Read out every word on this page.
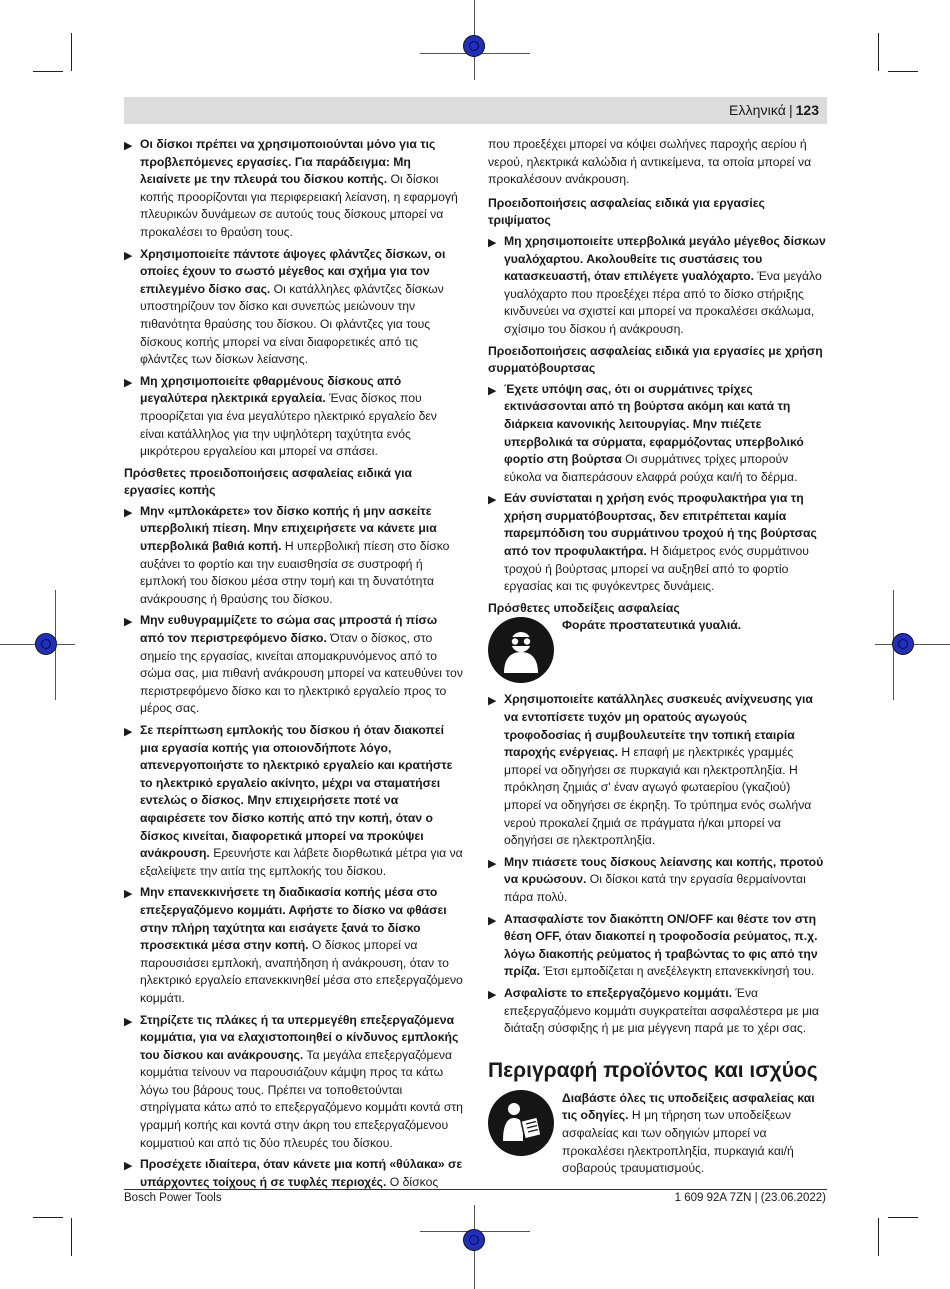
Ελληνικά | 123
▶ Οι δίσκοι πρέπει να χρησιμοποιούνται μόνο για τις προβλεπόμενες εργασίες. Για παράδειγμα: Μη λειαίνετε με την πλευρά του δίσκου κοπής. Οι δίσκοι κοπής προορίζονται για περιφερειακή λείανση, η εφαρμογή πλευρικών δυνάμεων σε αυτούς τους δίσκους μπορεί να προκαλέσει το θραύση τους.
▶ Χρησιμοποιείτε πάντοτε άψογες φλάντζες δίσκων, οι οποίες έχουν το σωστό μέγεθος και σχήμα για τον επιλεγμένο δίσκο σας. Οι κατάλληλες φλάντζες δίσκων υποστηρίζουν τον δίσκο και συνεπώς μειώνουν την πιθανότητα θραύσης του δίσκου. Οι φλάντζες για τους δίσκους κοπής μπορεί να είναι διαφορετικές από τις φλάντζες των δίσκων λείανσης.
▶ Μη χρησιμοποιείτε φθαρμένους δίσκους από μεγαλύτερα ηλεκτρικά εργαλεία. Ένας δίσκος που προορίζεται για ένα μεγαλύτερο ηλεκτρικό εργαλείο δεν είναι κατάλληλος για την υψηλότερη ταχύτητα ενός μικρότερου εργαλείου και μπορεί να σπάσει.
Πρόσθετες προειδοποιήσεις ασφαλείας ειδικά για εργασίες κοπής
▶ Μην «μπλοκάρετε» τον δίσκο κοπής ή μην ασκείτε υπερβολική πίεση. Μην επιχειρήσετε να κάνετε μια υπερβολικά βαθιά κοπή. Η υπερβολική πίεση στο δίσκο αυξάνει το φορτίο και την ευαισθησία σε συστροφή ή εμπλοκή του δίσκου μέσα στην τομή και τη δυνατότητα ανάκρουσης ή θραύσης του δίσκου.
▶ Μην ευθυγραμμίζετε το σώμα σας μπροστά ή πίσω από τον περιστρεφόμενο δίσκο. Όταν ο δίσκος, στο σημείο της εργασίας, κινείται απομακρυνόμενος από το σώμα σας, μια πιθανή ανάκρουση μπορεί να κατευθύνει τον περιστρεφόμενο δίσκο και το ηλεκτρικό εργαλείο προς το μέρος σας.
▶ Σε περίπτωση εμπλοκής του δίσκου ή όταν διακοπεί μια εργασία κοπής για οποιονδήποτε λόγο, απενεργοποιήστε το ηλεκτρικό εργαλείο και κρατήστε το ηλεκτρικό εργαλείο ακίνητο, μέχρι να σταματήσει εντελώς ο δίσκος. Μην επιχειρήσετε ποτέ να αφαιρέσετε τον δίσκο κοπής από την κοπή, όταν ο δίσκος κινείται, διαφορετικά μπορεί να προκύψει ανάκρουση. Ερευνήστε και λάβετε διορθωτικά μέτρα για να εξαλείψετε την αιτία της εμπλοκής του δίσκου.
▶ Μην επανεκκινήσετε τη διαδικασία κοπής μέσα στο επεξεργαζόμενο κομμάτι. Αφήστε το δίσκο να φθάσει στην πλήρη ταχύτητα και εισάγετε ξανά το δίσκο προσεκτικά μέσα στην κοπή. Ο δίσκος μπορεί να παρουσιάσει εμπλοκή, αναπήδηση ή ανάκρουση, όταν το ηλεκτρικό εργαλείο επανεκκινηθεί μέσα στο επεξεργαζόμενο κομμάτι.
▶ Στηρίζετε τις πλάκες ή τα υπερμεγέθη επεξεργαζόμενα κομμάτια, για να ελαχιστοποιηθεί ο κίνδυνος εμπλοκής του δίσκου και ανάκρουσης. Τα μεγάλα επεξεργαζόμενα κομμάτια τείνουν να παρουσιάζουν κάμψη προς τα κάτω λόγω του βάρους τους. Πρέπει να τοποθετούνται στηρίγματα κάτω από το επεξεργαζόμενο κομμάτι κοντά στη γραμμή κοπής και κοντά στην άκρη του επεξεργαζόμενου κομματιού και από τις δύο πλευρές του δίσκου.
▶ Προσέχετε ιδιαίτερα, όταν κάνετε μια κοπή «θύλακα» σε υπάρχοντες τοίχους ή σε τυφλές περιοχές. Ο δίσκος
που προεξέχει μπορεί να κόψει σωλήνες παροχής αερίου ή νερού, ηλεκτρικά καλώδια ή αντικείμενα, τα οποία μπορεί να προκαλέσουν ανάκρουση.
Προειδοποιήσεις ασφαλείας ειδικά για εργασίες τριψίματος
▶ Μη χρησιμοποιείτε υπερβολικά μεγάλο μέγεθος δίσκων γυαλόχαρτου. Ακολουθείτε τις συστάσεις του κατασκευαστή, όταν επιλέγετε γυαλόχαρτο. Ένα μεγάλο γυαλόχαρτο που προεξέχει πέρα από το δίσκο στήριξης κινδυνεύει να σχιστεί και μπορεί να προκαλέσει σκάλωμα, σχίσιμο του δίσκου ή ανάκρουση.
Προειδοποιήσεις ασφαλείας ειδικά για εργασίες με χρήση συρματόβουρτσας
▶ Έχετε υπόψη σας, ότι οι συρμάτινες τρίχες εκτινάσσονται από τη βούρτσα ακόμη και κατά τη διάρκεια κανονικής λειτουργίας. Μην πιέζετε υπερβολικά τα σύρματα, εφαρμόζοντας υπερβολικό φορτίο στη βούρτσα Οι συρμάτινες τρίχες μπορούν εύκολα να διαπεράσουν ελαφρά ρούχα και/ή το δέρμα.
▶ Εάν συνίσταται η χρήση ενός προφυλακτήρα για τη χρήση συρματόβουρτσας, δεν επιτρέπεται καμία παρεμπόδιση του συρμάτινου τροχού ή της βούρτσας από τον προφυλακτήρα. Η διάμετρος ενός συρμάτινου τροχού ή βούρτσας μπορεί να αυξηθεί από το φορτίο εργασίας και τις φυγόκεντρες δυνάμεις.
Πρόσθετες υποδείξεις ασφαλείας
Φοράτε προστατευτικά γυαλιά.
▶ Χρησιμοποιείτε κατάλληλες συσκευές ανίχνευσης για να εντοπίσετε τυχόν μη ορατούς αγωγούς τροφοδοσίας ή συμβουλευτείτε την τοπική εταιρία παροχής ενέργειας. Η επαφή με ηλεκτρικές γραμμές μπορεί να οδηγήσει σε πυρκαγιά και ηλεκτροπληξία. Η πρόκληση ζημιάς σ' έναν αγωγό φωταερίου (γκαζιού) μπορεί να οδηγήσει σε έκρηξη. Το τρύπημα ενός σωλήνα νερού προκαλεί ζημιά σε πράγματα ή/και μπορεί να οδηγήσει σε ηλεκτροπληξία.
▶ Μην πιάσετε τους δίσκους λείανσης και κοπής, προτού να κρυώσουν. Οι δίσκοι κατά την εργασία θερμαίνονται πάρα πολύ.
▶ Απασφαλίστε τον διακόπτη ON/OFF και θέστε τον στη θέση OFF, όταν διακοπεί η τροφοδοσία ρεύματος, π.χ. λόγω διακοπής ρεύματος ή τραβώντας το φις από την πρίζα. Έτσι εμποδίζεται η ανεξέλεγκτη επανεκκίνησή του.
▶ Ασφαλίστε το επεξεργαζόμενο κομμάτι. Ένα επεξεργαζόμενο κομμάτι συγκρατείται ασφαλέστερα με μια διάταξη σύσφιξης ή με μια μέγγενη παρά με το χέρι σας.
Περιγραφή προϊόντος και ισχύος
Διαβάστε όλες τις υποδείξεις ασφαλείας και τις οδηγίες. Η μη τήρηση των υποδείξεων ασφαλείας και των οδηγιών μπορεί να προκαλέσει ηλεκτροπληξία, πυρκαγιά και/ή σοβαρούς τραυματισμούς.
Bosch Power Tools	1 609 92A 7ZN | (23.06.2022)
